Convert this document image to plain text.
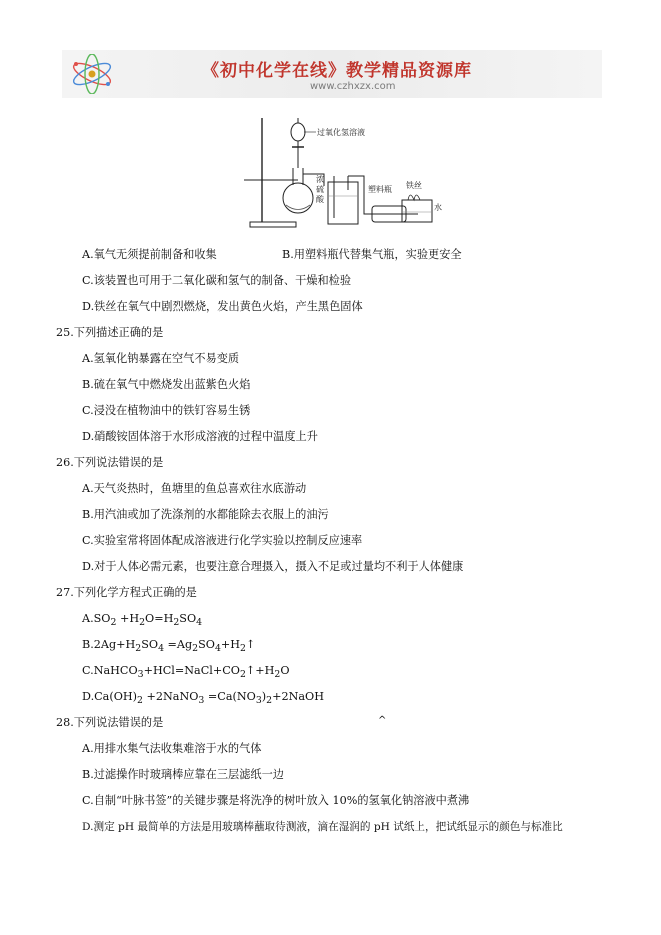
《初中化学在线》教学精品资源库
www.czhxzx.com
过氧化氢溶液
浓
硫
酸
塑料瓶 铁丝
水
A.氧气无须提前制备和收集	B.用塑料瓶代替集气瓶，实验更安全
C.该装置也可用于二氧化碳和氢气的制备、干燥和检验
D.铁丝在氧气中剧烈燃烧，发出黄色火焰，产生黑色固体
25.下列描述正确的是
A.氢氧化钠暴露在空气不易变质
B.硫在氧气中燃烧发出蓝紫色火焰
C.浸没在植物油中的铁钉容易生锈
D.硝酸铵固体溶于水形成溶液的过程中温度上升
26.下列说法错误的是
A.天气炎热时，鱼塘里的鱼总喜欢往水底游动
B.用汽油或加了洗涤剂的水都能除去衣服上的油污
C.实验室常将固体配成溶液进行化学实验以控制反应速率
D.对于人体必需元素，也要注意合理摄入，摄入不足或过量均不利于人体健康
27.下列化学方程式正确的是
$A.SO_2 +H_2O=H_2SO_4$
$B.2Ag+H_2SO_4$ $=Ag_2SO_4+H_2↑$
$C.NaHCO_3+HCl=NaCl+CO_2↑+H_2O$
$D.Ca(OH)_2$ +2NaNO$_3$ $=Ca(NO_3)_2+2NaOH$
28.下列说法错误的是	^
A.用排水集气法收集难溶于水的气体
B.过滤操作时玻璃棒应靠在三层滤纸一边
C.自制“叶脉书签”的关键步骤是将洗净的树叶放入 10%的氢氧化钠溶液中煮沸
D.测定 pH 最简单的方法是用玻璃棒蘸取待测液，滴在湿润的 pH 试纸上，把试纸显示的颜色与标准比
